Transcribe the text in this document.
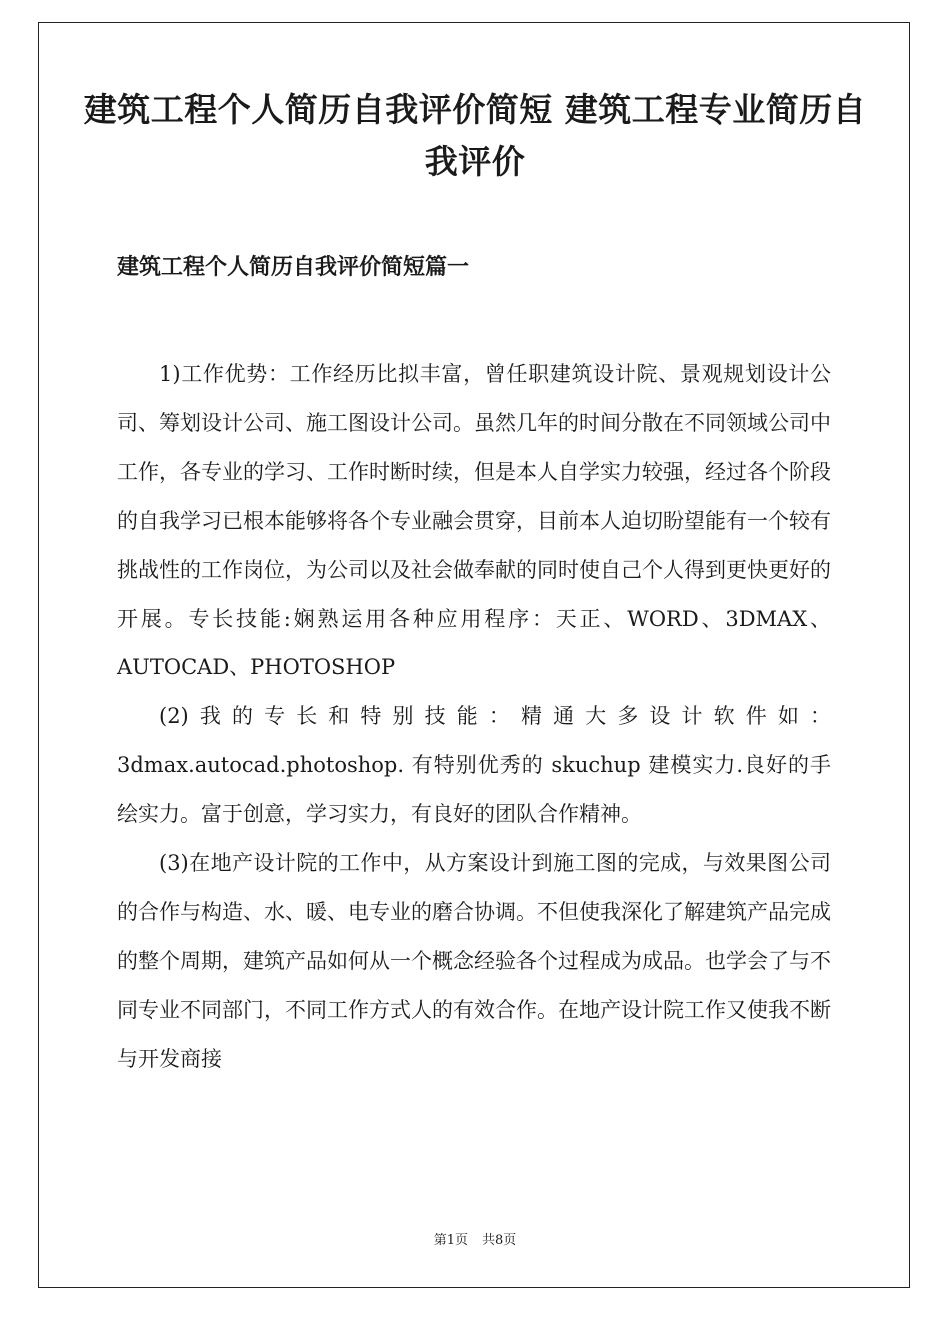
建筑工程个人简历自我评价简短 建筑工程专业简历自我评价
建筑工程个人简历自我评价简短篇一

1)工作优势：工作经历比拟丰富，曾任职建筑设计院、景观规划设计公司、筹划设计公司、施工图设计公司。虽然几年的时间分散在不同领域公司中工作，各专业的学习、工作时断时续，但是本人自学实力较强，经过各个阶段的自我学习已根本能够将各个专业融会贯穿，目前本人迫切盼望能有一个较有挑战性的工作岗位，为公司以及社会做奉献的同时使自己个人得到更快更好的开展。专长技能:娴熟运用各种应用程序：天正、WORD、3DMAX、AUTOCAD、PHOTOSHOP

(2)我的专长和特别技能：精通大多设计软件如：3dmax.autocad.photoshop. 有特别优秀的 skuchup 建模实力.良好的手绘实力。富于创意，学习实力，有良好的团队合作精神。

(3)在地产设计院的工作中，从方案设计到施工图的完成，与效果图公司的合作与构造、水、暖、电专业的磨合协调。不但使我深化了解建筑产品完成的整个周期，建筑产品如何从一个概念经验各个过程成为成品。也学会了与不同专业不同部门，不同工作方式人的有效合作。在地产设计院工作又使我不断与开发商接

第1页 共8页
